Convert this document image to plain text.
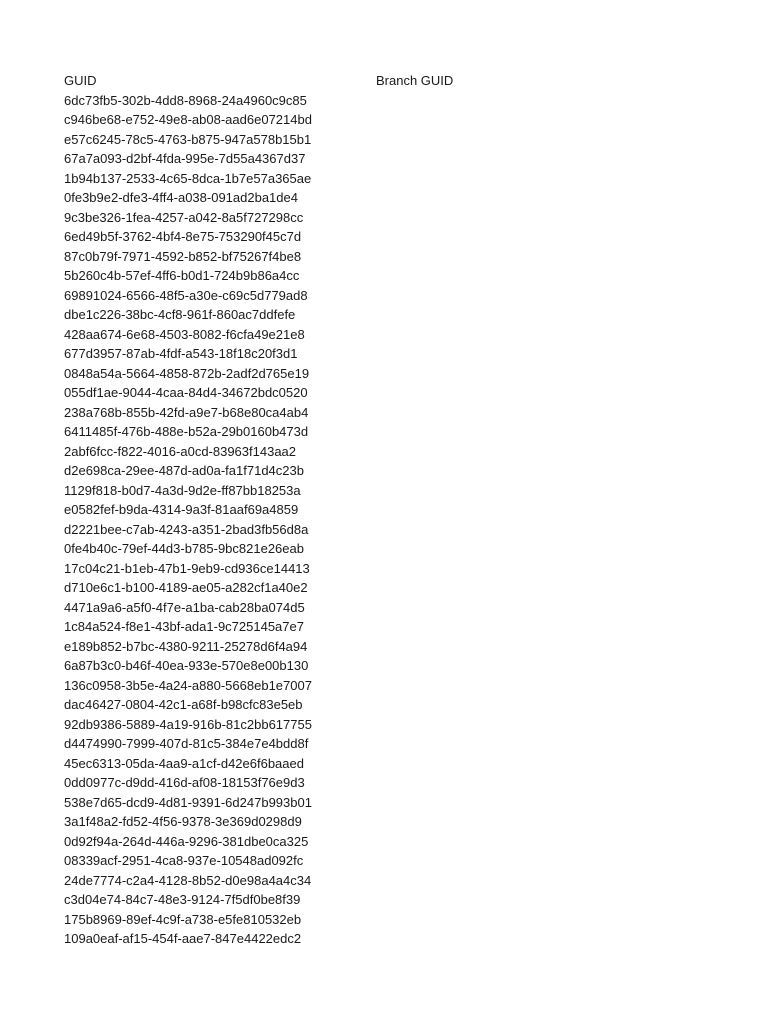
GUID	Branch GUID
6dc73fb5-302b-4dd8-8968-24a4960c9c85
c946be68-e752-49e8-ab08-aad6e07214bd
e57c6245-78c5-4763-b875-947a578b15b1
67a7a093-d2bf-4fda-995e-7d55a4367d37
1b94b137-2533-4c65-8dca-1b7e57a365ae
0fe3b9e2-dfe3-4ff4-a038-091ad2ba1de4
9c3be326-1fea-4257-a042-8a5f727298cc
6ed49b5f-3762-4bf4-8e75-753290f45c7d
87c0b79f-7971-4592-b852-bf75267f4be8
5b260c4b-57ef-4ff6-b0d1-724b9b86a4cc
69891024-6566-48f5-a30e-c69c5d779ad8
dbe1c226-38bc-4cf8-961f-860ac7ddfefe
428aa674-6e68-4503-8082-f6cfa49e21e8
677d3957-87ab-4fdf-a543-18f18c20f3d1
0848a54a-5664-4858-872b-2adf2d765e19
055df1ae-9044-4caa-84d4-34672bdc0520
238a768b-855b-42fd-a9e7-b68e80ca4ab4
6411485f-476b-488e-b52a-29b0160b473d
2abf6fcc-f822-4016-a0cd-83963f143aa2
d2e698ca-29ee-487d-ad0a-fa1f71d4c23b
1129f818-b0d7-4a3d-9d2e-ff87bb18253a
e0582fef-b9da-4314-9a3f-81aaf69a4859
d2221bee-c7ab-4243-a351-2bad3fb56d8a
0fe4b40c-79ef-44d3-b785-9bc821e26eab
17c04c21-b1eb-47b1-9eb9-cd936ce14413
d710e6c1-b100-4189-ae05-a282cf1a40e2
4471a9a6-a5f0-4f7e-a1ba-cab28ba074d5
1c84a524-f8e1-43bf-ada1-9c725145a7e7
e189b852-b7bc-4380-9211-25278d6f4a94
6a87b3c0-b46f-40ea-933e-570e8e00b130
136c0958-3b5e-4a24-a880-5668eb1e7007
dac46427-0804-42c1-a68f-b98cfc83e5eb
92db9386-5889-4a19-916b-81c2bb617755
d4474990-7999-407d-81c5-384e7e4bdd8f
45ec6313-05da-4aa9-a1cf-d42e6f6baaed
0dd0977c-d9dd-416d-af08-18153f76e9d3
538e7d65-dcd9-4d81-9391-6d247b993b01
3a1f48a2-fd52-4f56-9378-3e369d0298d9
0d92f94a-264d-446a-9296-381dbe0ca325
08339acf-2951-4ca8-937e-10548ad092fc
24de7774-c2a4-4128-8b52-d0e98a4a4c34
c3d04e74-84c7-48e3-9124-7f5df0be8f39
175b8969-89ef-4c9f-a738-e5fe810532eb
109a0eaf-af15-454f-aae7-847e4422edc2
